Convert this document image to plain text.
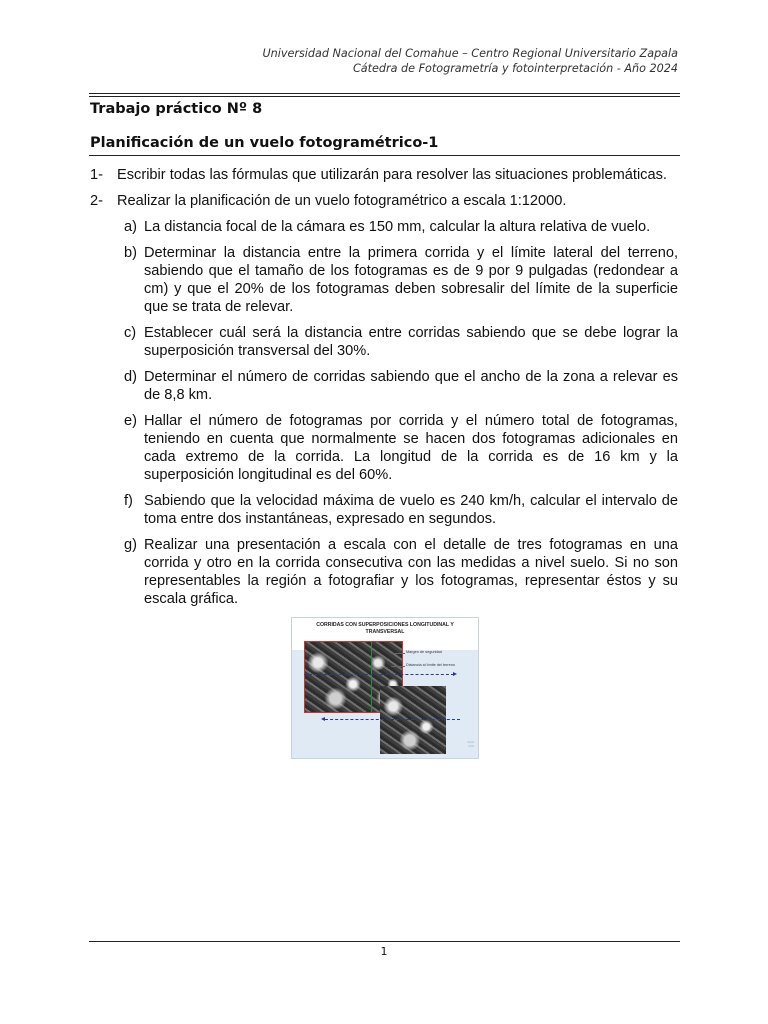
Universidad Nacional del Comahue – Centro Regional Universitario Zapala
Cátedra de Fotogrametría y fotointerpretación - Año 2024
Trabajo práctico Nº 8
Planificación de un vuelo fotogramétrico-1
1- Escribir todas las fórmulas que utilizarán para resolver las situaciones problemáticas.
2- Realizar la planificación de un vuelo fotogramétrico a escala 1:12000.
a) La distancia focal de la cámara es 150 mm, calcular la altura relativa de vuelo.
b) Determinar la distancia entre la primera corrida y el límite lateral del terreno, sabiendo que el tamaño de los fotogramas es de 9 por 9 pulgadas (redondear a cm) y que el 20% de los fotogramas deben sobresalir del límite de la superficie que se trata de relevar.
c) Establecer cuál será la distancia entre corridas sabiendo que se debe lograr la superposición transversal del 30%.
d) Determinar el número de corridas sabiendo que el ancho de la zona a relevar es de 8,8 km.
e) Hallar el número de fotogramas por corrida y el número total de fotogramas, teniendo en cuenta que normalmente se hacen dos fotogramas adicionales en cada extremo de la corrida. La longitud de la corrida es de 16 km y la superposición longitudinal es del 60%.
f) Sabiendo que la velocidad máxima de vuelo es 240 km/h, calcular el intervalo de toma entre dos instantáneas, expresado en segundos.
g) Realizar una presentación a escala con el detalle de tres fotogramas en una corrida y otro en la corrida consecutiva con las medidas a nivel suelo. Si no son representables la región a fotografiar y los fotogramas, representar éstos y su escala gráfica.
CORRIDAS CON SUPERPOSICIONES LONGITUDINAL Y
TRANSVERSAL
Margen de seguridad
Distancia al límite del terreno
▪▪▪▪▪▪
▪▪▪▪▪
1
